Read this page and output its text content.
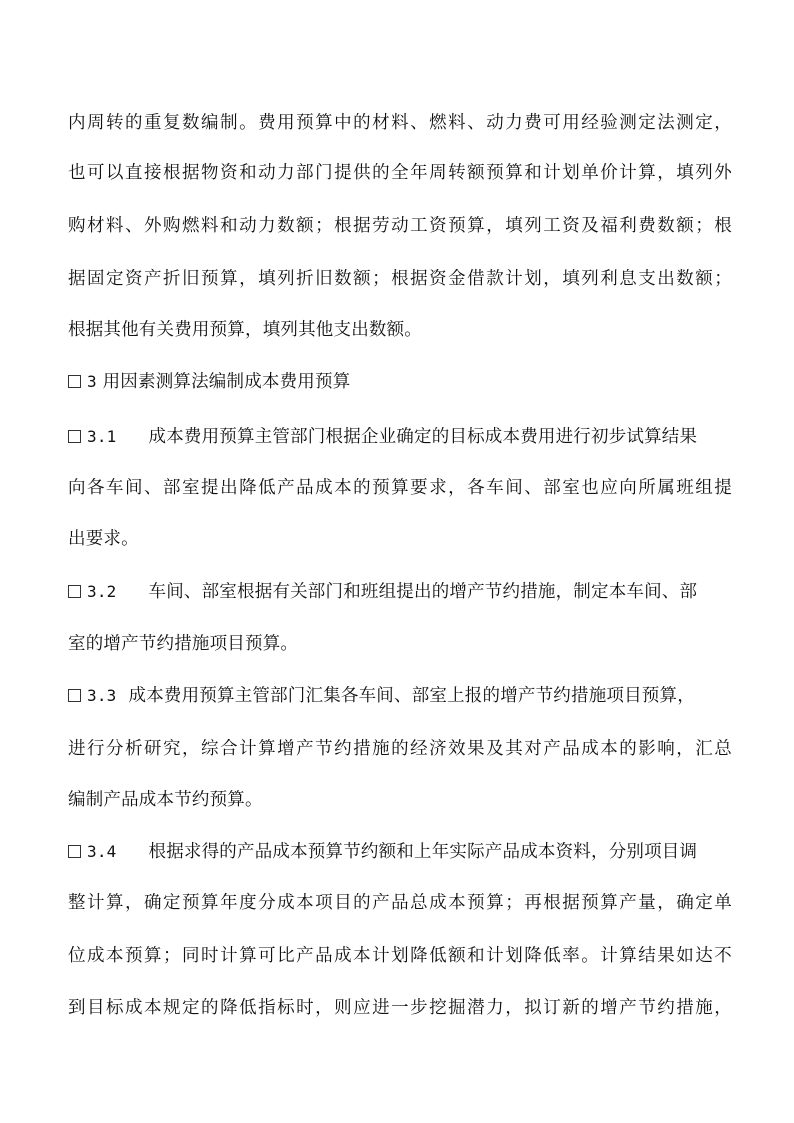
内周转的重复数编制。费用预算中的材料、燃料、动力费可用经验测定法测定，
也可以直接根据物资和动力部门提供的全年周转额预算和计划单价计算，填列外
购材料、外购燃料和动力数额；根据劳动工资预算，填列工资及福利费数额；根
据固定资产折旧预算，填列折旧数额；根据资金借款计划，填列利息支出数额；
根据其他有关费用预算，填列其他支出数额。
3 用因素测算法编制成本费用预算
3.1 成本费用预算主管部门根据企业确定的目标成本费用进行初步试算结果
向各车间、部室提出降低产品成本的预算要求，各车间、部室也应向所属班组提
出要求。
3.2 车间、部室根据有关部门和班组提出的增产节约措施，制定本车间、部
室的增产节约措施项目预算。
3.3 成本费用预算主管部门汇集各车间、部室上报的增产节约措施项目预算，
进行分析研究，综合计算增产节约措施的经济效果及其对产品成本的影响，汇总
编制产品成本节约预算。
3.4 根据求得的产品成本预算节约额和上年实际产品成本资料，分别项目调
整计算，确定预算年度分成本项目的产品总成本预算；再根据预算产量，确定单
位成本预算；同时计算可比产品成本计划降低额和计划降低率。计算结果如达不
到目标成本规定的降低指标时，则应进一步挖掘潜力，拟订新的增产节约措施，
